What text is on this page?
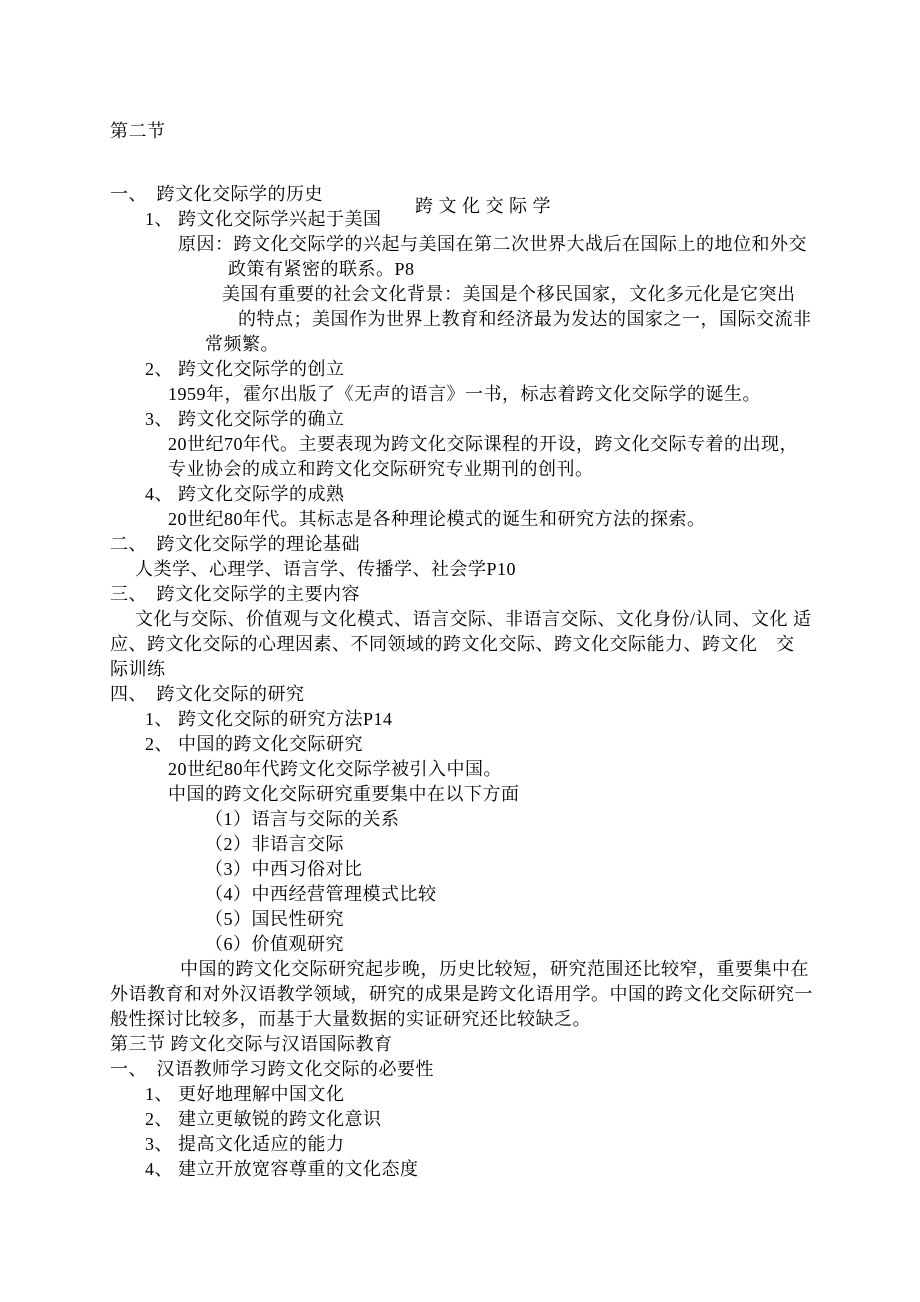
第二节

跨 文 化 交 际 学

一、　跨文化交际学的历史
1、 跨文化交际学兴起于美国
原因：跨文化交际学的兴起与美国在第二次世界大战后在国际上的地位和外交
政策有紧密的联系。P8
美国有重要的社会文化背景：美国是个移民国家，文化多元化是它突出
的特点；美国作为世界上教育和经济最为发达的国家之一，国际交流非
常频繁。
2、 跨文化交际学的创立
1959年，霍尔出版了《无声的语言》一书，标志着跨文化交际学的诞生。
3、 跨文化交际学的确立
20世纪70年代。主要表现为跨文化交际课程的开设，跨文化交际专着的出现，
专业协会的成立和跨文化交际研究专业期刊的创刊。
4、 跨文化交际学的成熟
20世纪80年代。其标志是各种理论模式的诞生和研究方法的探索。
二、　跨文化交际学的理论基础
人类学、心理学、语言学、传播学、社会学P10
三、　跨文化交际学的主要内容
文化与交际、价值观与文化模式、语言交际、非语言交际、文化身份/认同、文化 适
应、跨文化交际的心理因素、不同领域的跨文化交际、跨文化交际能力、跨文化　交
际训练
四、　跨文化交际的研究
1、 跨文化交际的研究方法P14
2、 中国的跨文化交际研究
20世纪80年代跨文化交际学被引入中国。
中国的跨文化交际研究重要集中在以下方面
（1）语言与交际的关系
（2）非语言交际
（3）中西习俗对比
（4）中西经营管理模式比较
（5）国民性研究
（6）价值观研究
中国的跨文化交际研究起步晚，历史比较短，研究范围还比较窄，重要集中在
外语教育和对外汉语教学领域，研究的成果是跨文化语用学。中国的跨文化交际研究一
般性探讨比较多，而基于大量数据的实证研究还比较缺乏。
第三节 跨文化交际与汉语国际教育
一、　汉语教师学习跨文化交际的必要性
1、 更好地理解中国文化
2、 建立更敏锐的跨文化意识
3、 提高文化适应的能力
4、 建立开放宽容尊重的文化态度
